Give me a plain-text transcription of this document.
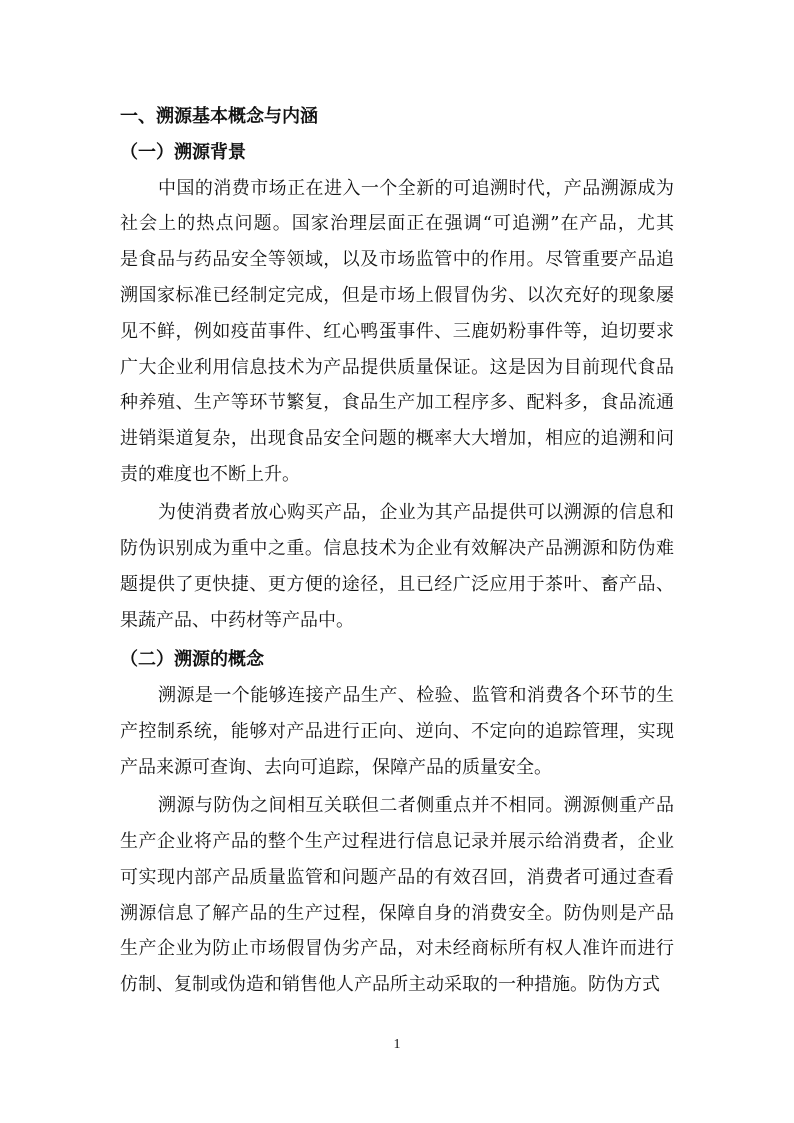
一、溯源基本概念与内涵
（一）溯源背景
中国的消费市场正在进入一个全新的可追溯时代，产品溯源成为
社会上的热点问题。国家治理层面正在强调“可追溯”在产品，尤其
是食品与药品安全等领域，以及市场监管中的作用。尽管重要产品追
溯国家标准已经制定完成，但是市场上假冒伪劣、以次充好的现象屡
见不鲜，例如疫苗事件、红心鸭蛋事件、三鹿奶粉事件等，迫切要求
广大企业利用信息技术为产品提供质量保证。这是因为目前现代食品
种养殖、生产等环节繁复，食品生产加工程序多、配料多，食品流通
进销渠道复杂，出现食品安全问题的概率大大增加，相应的追溯和问
责的难度也不断上升。
为使消费者放心购买产品，企业为其产品提供可以溯源的信息和
防伪识别成为重中之重。信息技术为企业有效解决产品溯源和防伪难
题提供了更快捷、更方便的途径，且已经广泛应用于茶叶、畜产品、
果蔬产品、中药材等产品中。
（二）溯源的概念
溯源是一个能够连接产品生产、检验、监管和消费各个环节的生
产控制系统，能够对产品进行正向、逆向、不定向的追踪管理，实现
产品来源可查询、去向可追踪，保障产品的质量安全。
溯源与防伪之间相互关联但二者侧重点并不相同。溯源侧重产品
生产企业将产品的整个生产过程进行信息记录并展示给消费者，企业
可实现内部产品质量监管和问题产品的有效召回，消费者可通过查看
溯源信息了解产品的生产过程，保障自身的消费安全。防伪则是产品
生产企业为防止市场假冒伪劣产品，对未经商标所有权人准许而进行
仿制、复制或伪造和销售他人产品所主动采取的一种措施。防伪方式
1
